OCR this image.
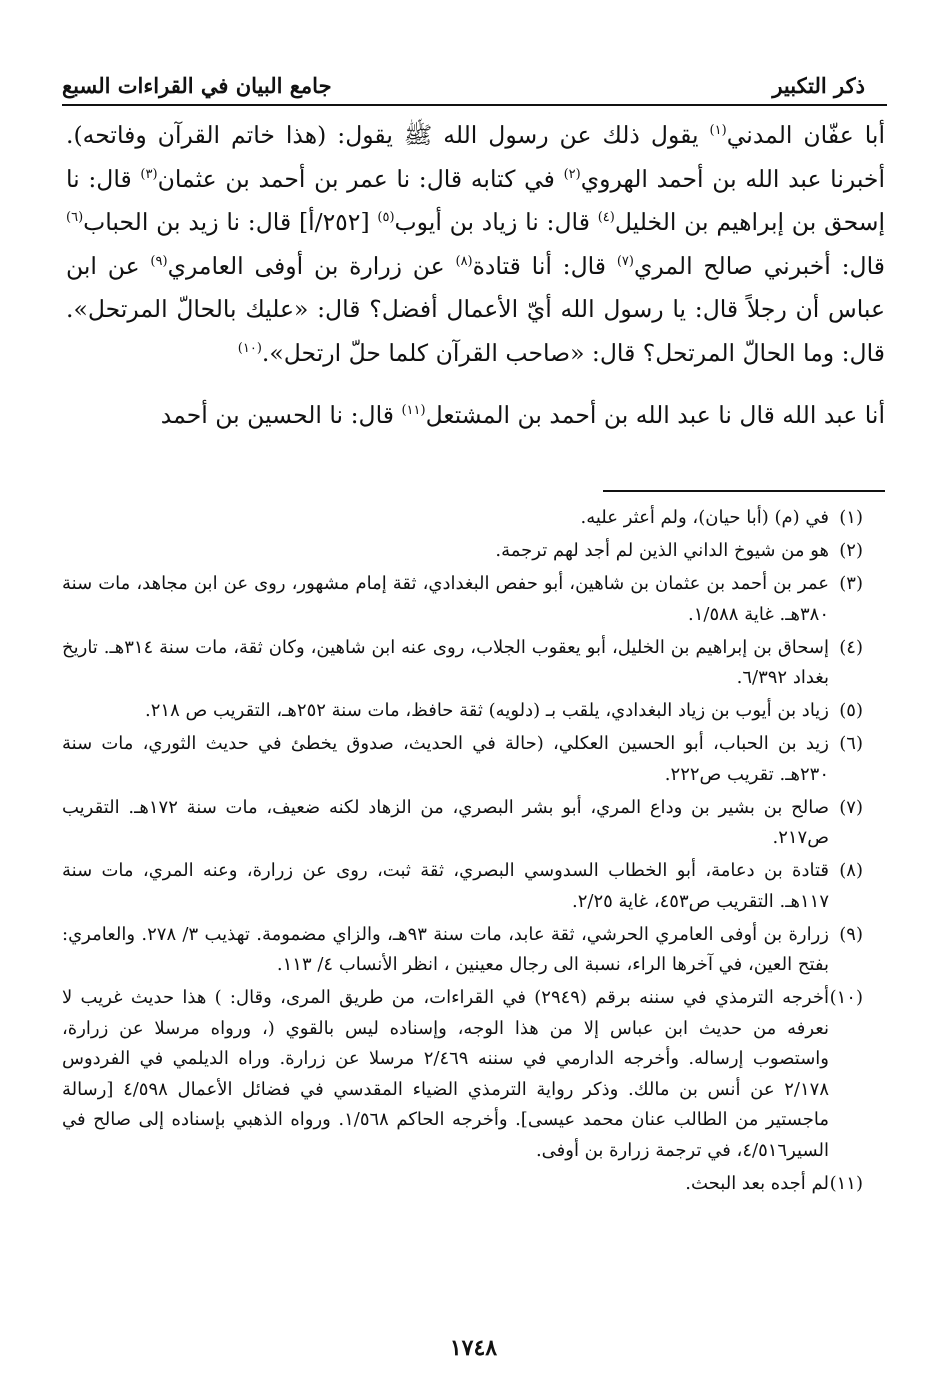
ذكر التكبير
جامع البيان في القراءات السبع

أبا عفّان المدني$^{(١)}$ يقول ذلك عن رسول الله ﷺ يقول: (هذا خاتم القرآن وفاتحه). أخبرنا عبد الله بن أحمد الهروي$^{(٢)}$ في كتابه قال: نا عمر بن أحمد بن عثمان$^{(٣)}$ قال: نا إسحق بن إبراهيم بن الخليل$^{(٤)}$ قال: نا زياد بن أيوب$^{(٥)}$ [٢٥٢/أ] قال: نا زيد بن الحباب$^{(٦)}$ قال: أخبرني صالح المري$^{(٧)}$ قال: أنا قتادة$^{(٨)}$ عن زرارة بن أوفى العامري$^{(٩)}$ عن ابن عباس أن رجلاً قال: يا رسول الله أيّ الأعمال أفضل؟ قال: «عليك بالحالّ المرتحل». قال: وما الحالّ المرتحل؟ قال: «صاحب القرآن كلما حلّ ارتحل».$^{(١٠)}$

أنا عبد الله قال نا عبد الله بن أحمد بن المشتعل$^{(١١)}$ قال: نا الحسين بن أحمد

(١)
في (م) (أبا حيان)، ولم أعثر عليه.
(٢)
هو من شيوخ الداني الذين لم أجد لهم ترجمة.
(٣)
عمر بن أحمد بن عثمان بن شاهين، أبو حفص البغدادي، ثقة إمام مشهور، روى عن ابن مجاهد، مات سنة ٣٨٠هـ. غاية ١/٥٨٨.
(٤)
إسحاق بن إبراهيم بن الخليل، أبو يعقوب الجلاب، روى عنه ابن شاهين، وكان ثقة، مات سنة ٣١٤هـ. تاريخ بغداد ٦/٣٩٢.
(٥)
زياد بن أيوب بن زياد البغدادي، يلقب بـ (دلويه) ثقة حافظ، مات سنة ٢٥٢هـ، التقريب ص ٢١٨.
(٦)
زيد بن الحباب، أبو الحسين العكلي، (حالة في الحديث، صدوق يخطئ في حديث الثوري، مات سنة ٢٣٠هـ. تقريب ص٢٢٢.
(٧)
صالح بن بشير بن وداع المري، أبو بشر البصري، من الزهاد لكنه ضعيف، مات سنة ١٧٢هـ. التقريب ص٢١٧.
(٨)
قتادة بن دعامة، أبو الخطاب السدوسي البصري، ثقة ثبت، روى عن زرارة، وعنه المري، مات سنة ١١٧هـ. التقريب ص٤٥٣، غاية ٢/٢٥.
(٩)
زرارة بن أوفى العامري الحرشي، ثقة عابد، مات سنة ٩٣هـ، والزاي مضمومة. تهذيب ٣/ ٢٧٨. والعامري: بفتح العين، في آخرها الراء، نسبة الى رجال معينين ، انظر الأنساب ٤/ ١١٣.
(١٠)
أخرجه الترمذي في سننه برقم (٢٩٤٩) في القراءات، من طريق المرى، وقال: ) هذا حديث غريب لا نعرفه من حديث ابن عباس إلا من هذا الوجه، وإسناده ليس بالقوي (، ورواه مرسلا عن زرارة، واستصوب إرساله. وأخرجه الدارمي في سننه ٢/٤٦٩ مرسلا عن زرارة. وراه الديلمي في الفردوس ٢/١٧٨ عن أنس بن مالك. وذكر رواية الترمذي الضياء المقدسي في فضائل الأعمال ٤/٥٩٨ [رسالة ماجستير من الطالب عنان محمد عيسى]. وأخرجه الحاكم ١/٥٦٨. ورواه الذهبي بإسناده إلى صالح في السير٤/٥١٦، في ترجمة زرارة بن أوفى.
(١١)
لم أجده بعد البحث.
١٧٤٨
